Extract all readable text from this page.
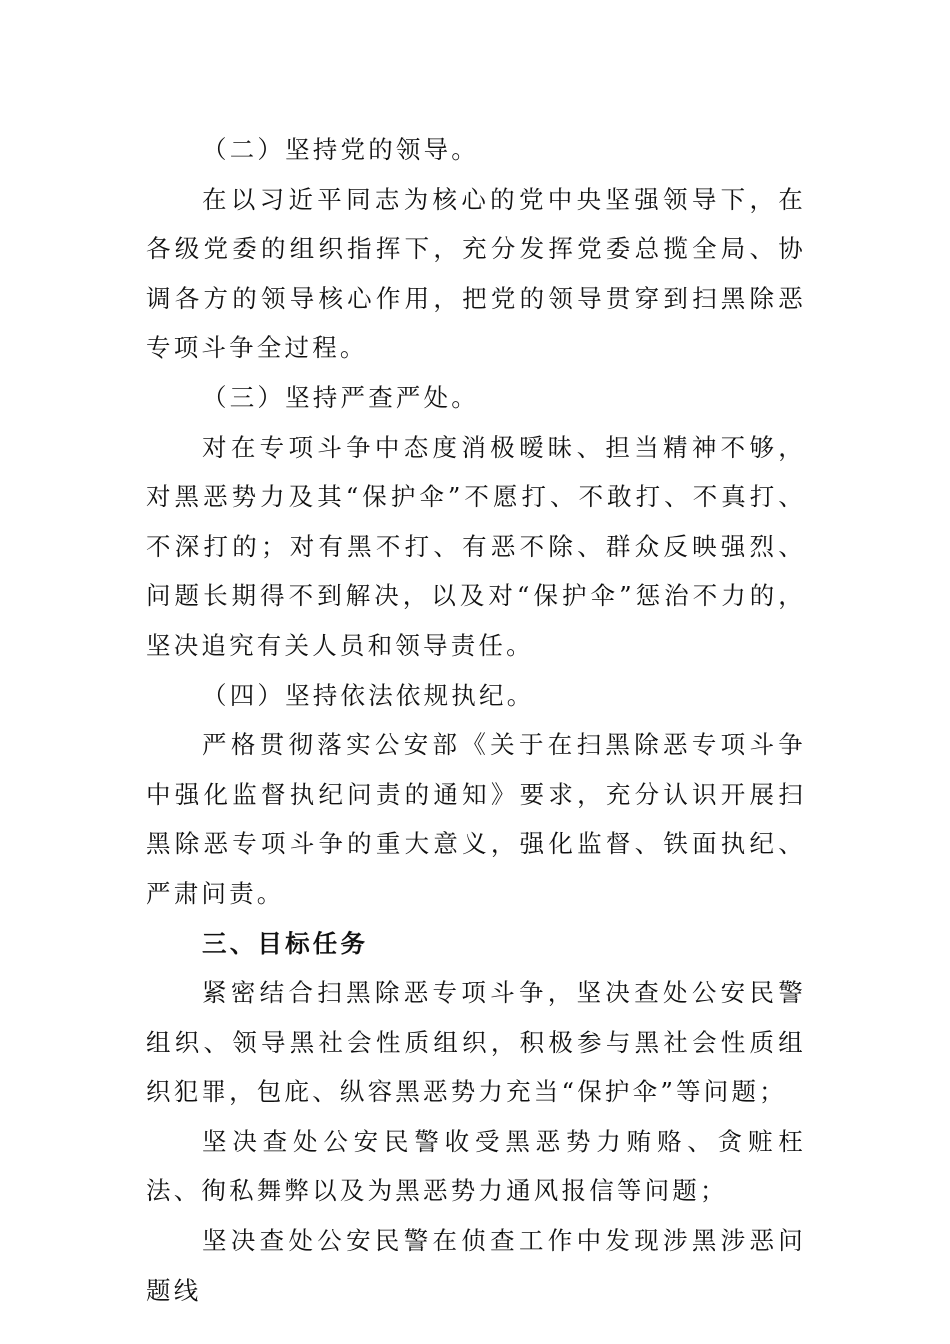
（二）坚持党的领导。

在以习近平同志为核心的党中央坚强领导下，在各级党委的组织指挥下，充分发挥党委总揽全局、协调各方的领导核心作用，把党的领导贯穿到扫黑除恶专项斗争全过程。

（三）坚持严查严处。

对在专项斗争中态度消极暧昧、担当精神不够，对黑恶势力及其“保护伞”不愿打、不敢打、不真打、不深打的；对有黑不打、有恶不除、群众反映强烈、问题长期得不到解决，以及对“保护伞”惩治不力的，坚决追究有关人员和领导责任。

（四）坚持依法依规执纪。

严格贯彻落实公安部《关于在扫黑除恶专项斗争中强化监督执纪问责的通知》要求，充分认识开展扫黑除恶专项斗争的重大意义，强化监督、铁面执纪、严肃问责。

三、目标任务

紧密结合扫黑除恶专项斗争，坚决查处公安民警组织、领导黑社会性质组织，积极参与黑社会性质组织犯罪，包庇、纵容黑恶势力充当“保护伞”等问题；

坚决查处公安民警收受黑恶势力贿赂、贪赃枉法、徇私舞弊以及为黑恶势力通风报信等问题；

坚决查处公安民警在侦查工作中发现涉黑涉恶问题线
